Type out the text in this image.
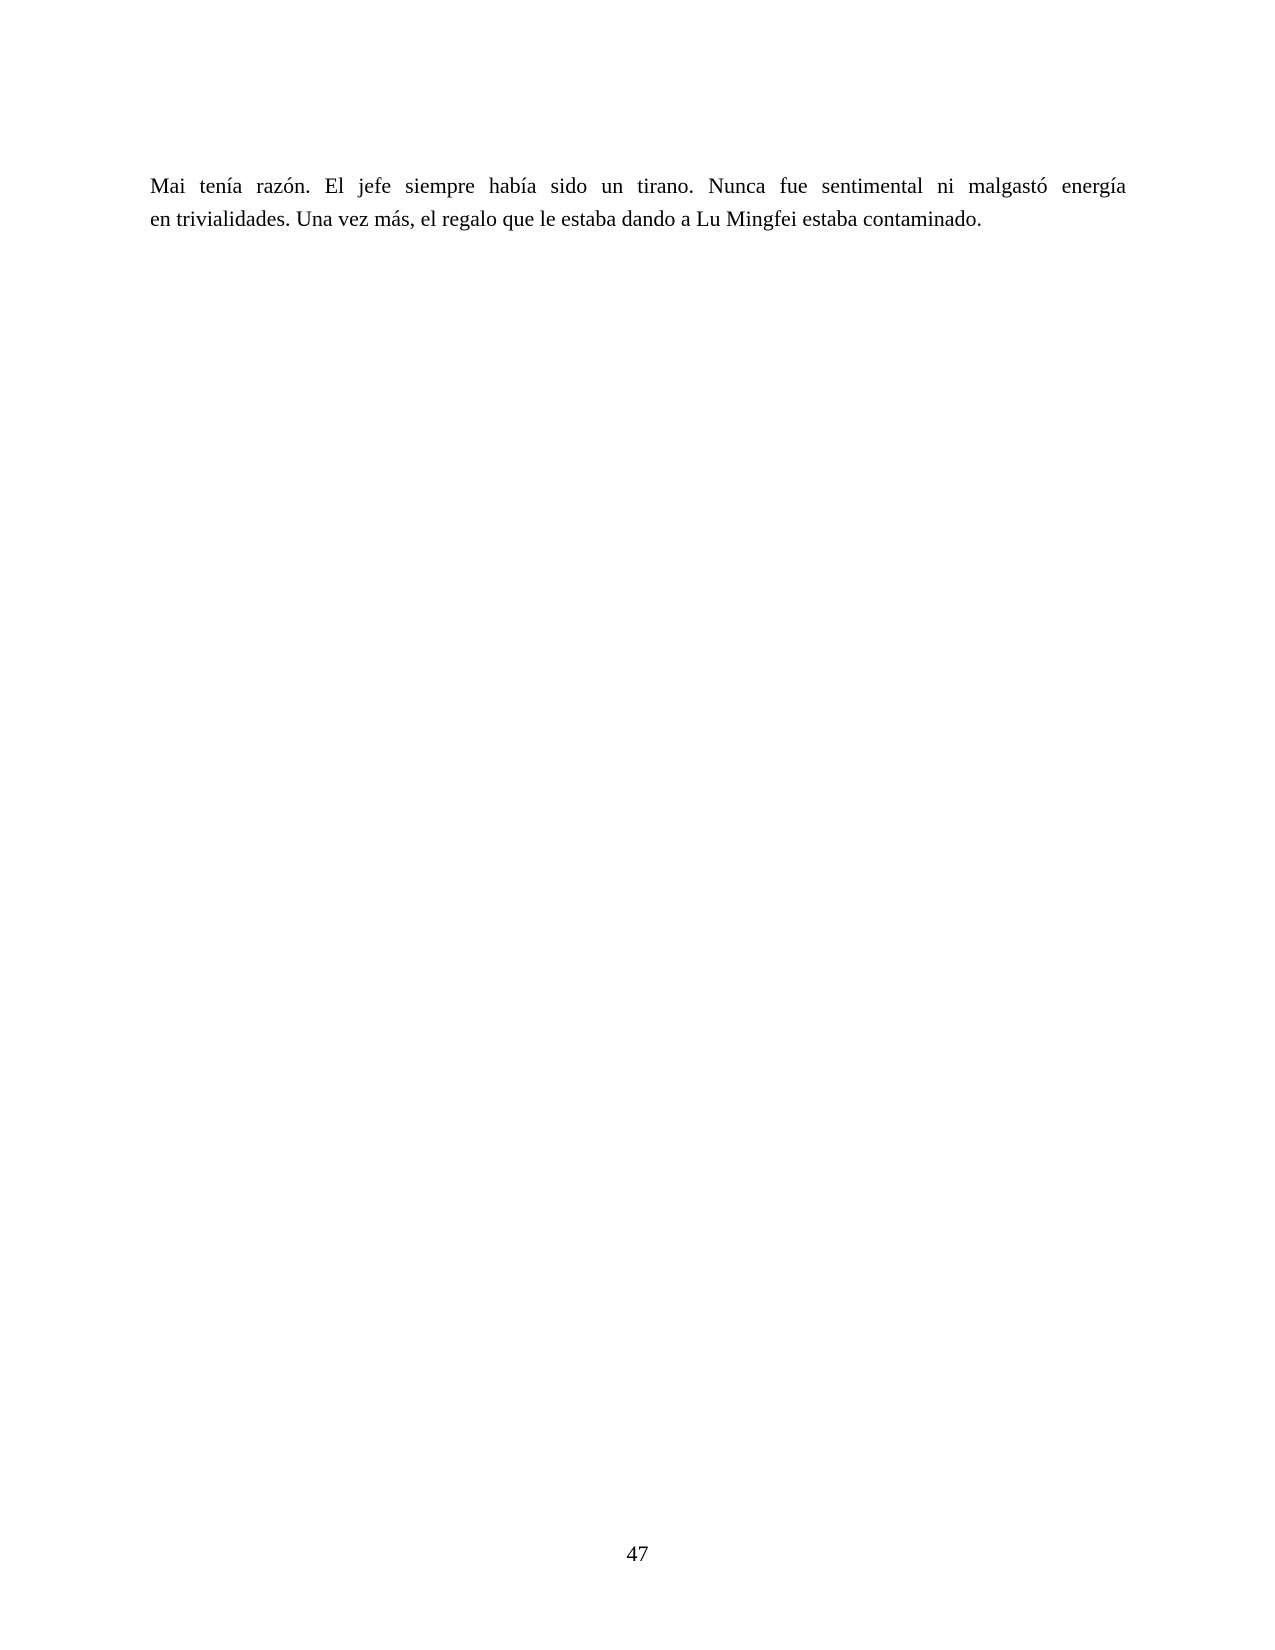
Mai tenía razón. El jefe siempre había sido un tirano. Nunca fue sentimental ni malgastó energía
en trivialidades. Una vez más, el regalo que le estaba dando a Lu Mingfei estaba contaminado.
47
